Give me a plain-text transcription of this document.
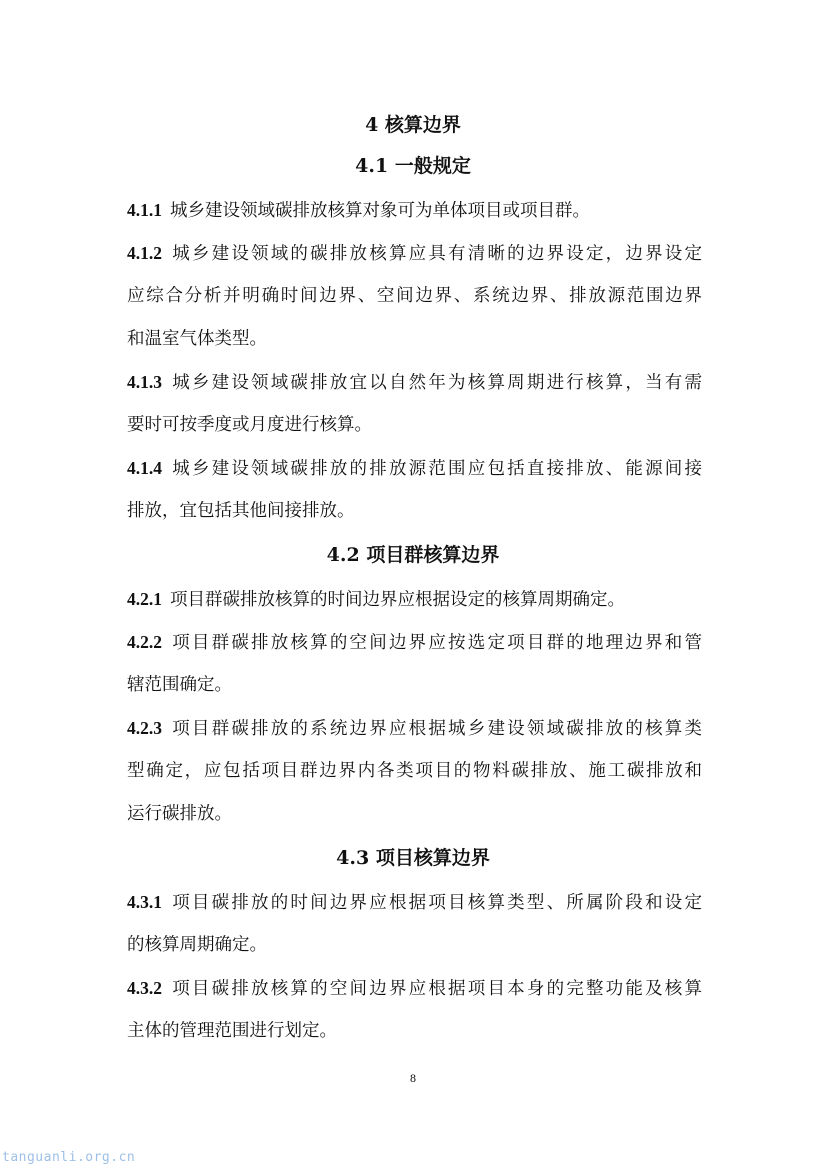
4 核算边界
4.1 一般规定
4.1.1 城乡建设领域碳排放核算对象可为单体项目或项目群。
4.1.2 城乡建设领域的碳排放核算应具有清晰的边界设定，边界设定
应综合分析并明确时间边界、空间边界、系统边界、排放源范围边界
和温室气体类型。
4.1.3 城乡建设领域碳排放宜以自然年为核算周期进行核算，当有需
要时可按季度或月度进行核算。
4.1.4 城乡建设领域碳排放的排放源范围应包括直接排放、能源间接
排放，宜包括其他间接排放。
4.2 项目群核算边界
4.2.1 项目群碳排放核算的时间边界应根据设定的核算周期确定。
4.2.2 项目群碳排放核算的空间边界应按选定项目群的地理边界和管
辖范围确定。
4.2.3 项目群碳排放的系统边界应根据城乡建设领域碳排放的核算类
型确定，应包括项目群边界内各类项目的物料碳排放、施工碳排放和
运行碳排放。
4.3 项目核算边界
4.3.1 项目碳排放的时间边界应根据项目核算类型、所属阶段和设定
的核算周期确定。
4.3.2 项目碳排放核算的空间边界应根据项目本身的完整功能及核算
主体的管理范围进行划定。
8
tanguanli.org.cn
